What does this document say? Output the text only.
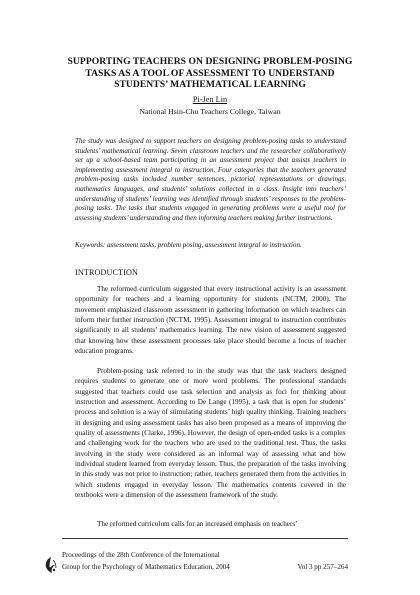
SUPPORTING TEACHERS ON DESIGNING PROBLEM-POSING TASKS AS A TOOL OF ASSESSMENT TO UNDERSTAND STUDENTS’ MATHEMATICAL LEARNING
Pi-Jen Lin
National Hsin-Chu Teachers College, Taiwan

The study was designed to support teachers on designing problem-posing tasks to understand students’ mathematical learning. Seven classroom teachers and the researcher collaboratively set up a school-based team participating in an assessment project that assists teachers in implementing assessment integral to instruction. Four categories that the teachers generated problem-posing tasks included number sentences, pictorial representations or drawings, mathematics languages, and students’ solutions collected in a class. Insight into teachers’ understanding of students’ learning was identified through students’ responses to the problem-posing tasks. The tasks that students engaged in generating problems were a useful tool for assessing students’ understanding and then informing teachers making further instructions.

Keywords: assessment tasks, problem posing, assessment integral to instruction.

INTRODUCTION

The reformed curriculum suggested that every instructional activity is an assessment opportunity for teachers and a learning opportunity for students (NCTM, 2000). The movement emphasized classroom assessment in gathering information on which teachers can inform their further instruction (NCTM, 1995). Assessment integral to instruction contributes significantly to all students’ mathematics learning. The new vision of assessment suggested that knowing how these assessment processes take place should become a focus of teacher education programs.

Problem-posing task referred to in the study was that the task teachers designed requires students to generate one or more word problems. The professional standards suggested that teachers could use task selection and analysis as foci for thinking about instruction and assessment. According to De Lange (1995), a task that is open for students’ process and solution is a way of stimulating students’ high quality thinking. Training teachers in designing and using assessment tasks has also been proposed as a means of improving the quality of assessments (Clarke, 1996). However, the design of open-ended tasks is a complex and challenging work for the teachers who are used to the traditional test. Thus, the tasks involving in the study were considered as an informal way of assessing what and how individual student learned from everyday lesson. Thus, the preparation of the tasks involving in this study was not prior to instruction; rather, teachers generated them from the activities in which students engaged in everyday lesson. The mathematics contents covered in the textbooks were a dimension of the assessment framework of the study.

The reformed curriculum calls for an increased emphasis on teachers’

Proceedings of the 28th Conference of the International
Group for the Psychology of Mathematics Education, 2004	Vol 3 pp 257–264
